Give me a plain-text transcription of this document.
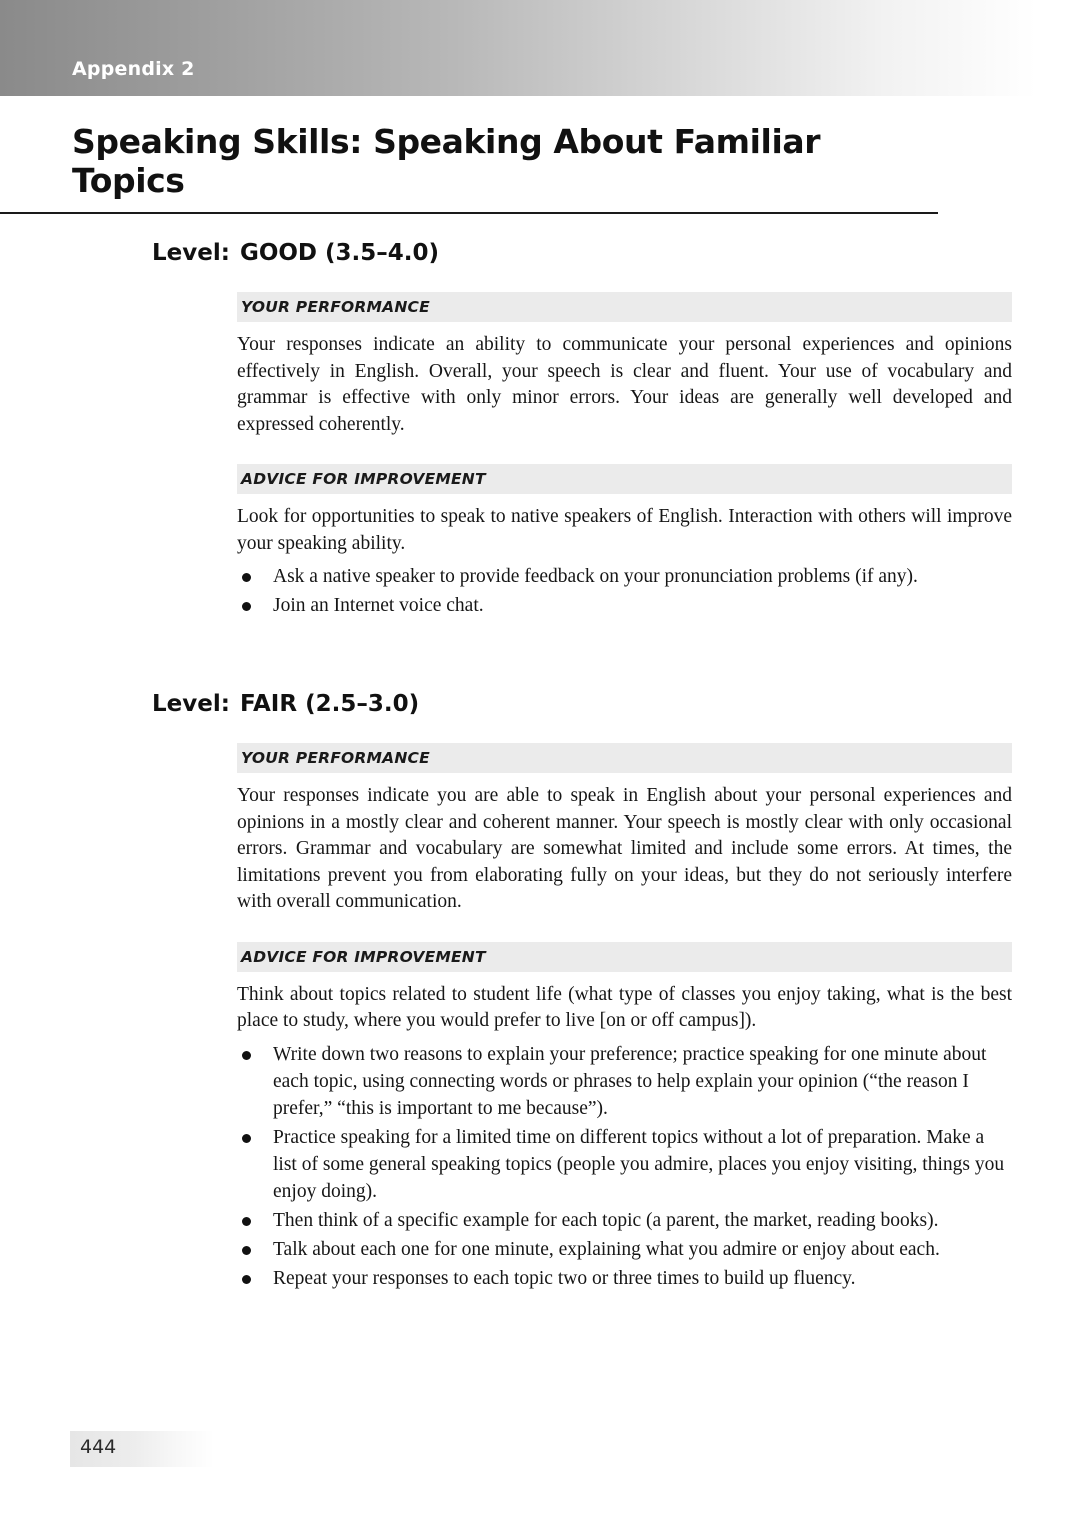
Appendix 2
Speaking Skills: Speaking About Familiar Topics
Level: GOOD (3.5–4.0)
YOUR PERFORMANCE

Your responses indicate an ability to communicate your personal experiences and opinions effectively in English. Overall, your speech is clear and fluent. Your use of vocabulary and grammar is effective with only minor errors. Your ideas are generally well developed and expressed coherently.

ADVICE FOR IMPROVEMENT

Look for opportunities to speak to native speakers of English. Interaction with others will improve your speaking ability.

Ask a native speaker to provide feedback on your pronunciation problems (if any).
Join an Internet voice chat.
Level: FAIR (2.5–3.0)
YOUR PERFORMANCE

Your responses indicate you are able to speak in English about your personal experiences and opinions in a mostly clear and coherent manner. Your speech is mostly clear with only occasional errors. Grammar and vocabulary are somewhat limited and include some errors. At times, the limitations prevent you from elaborating fully on your ideas, but they do not seriously interfere with overall communication.

ADVICE FOR IMPROVEMENT

Think about topics related to student life (what type of classes you enjoy taking, what is the best place to study, where you would prefer to live [on or off campus]).

Write down two reasons to explain your preference; practice speaking for one minute about each topic, using connecting words or phrases to help explain your opinion (“the reason I prefer,” “this is important to me because”).
Practice speaking for a limited time on different topics without a lot of preparation. Make a list of some general speaking topics (people you admire, places you enjoy visiting, things you enjoy doing).
Then think of a specific example for each topic (a parent, the market, reading books).
Talk about each one for one minute, explaining what you admire or enjoy about each.
Repeat your responses to each topic two or three times to build up fluency.
444
